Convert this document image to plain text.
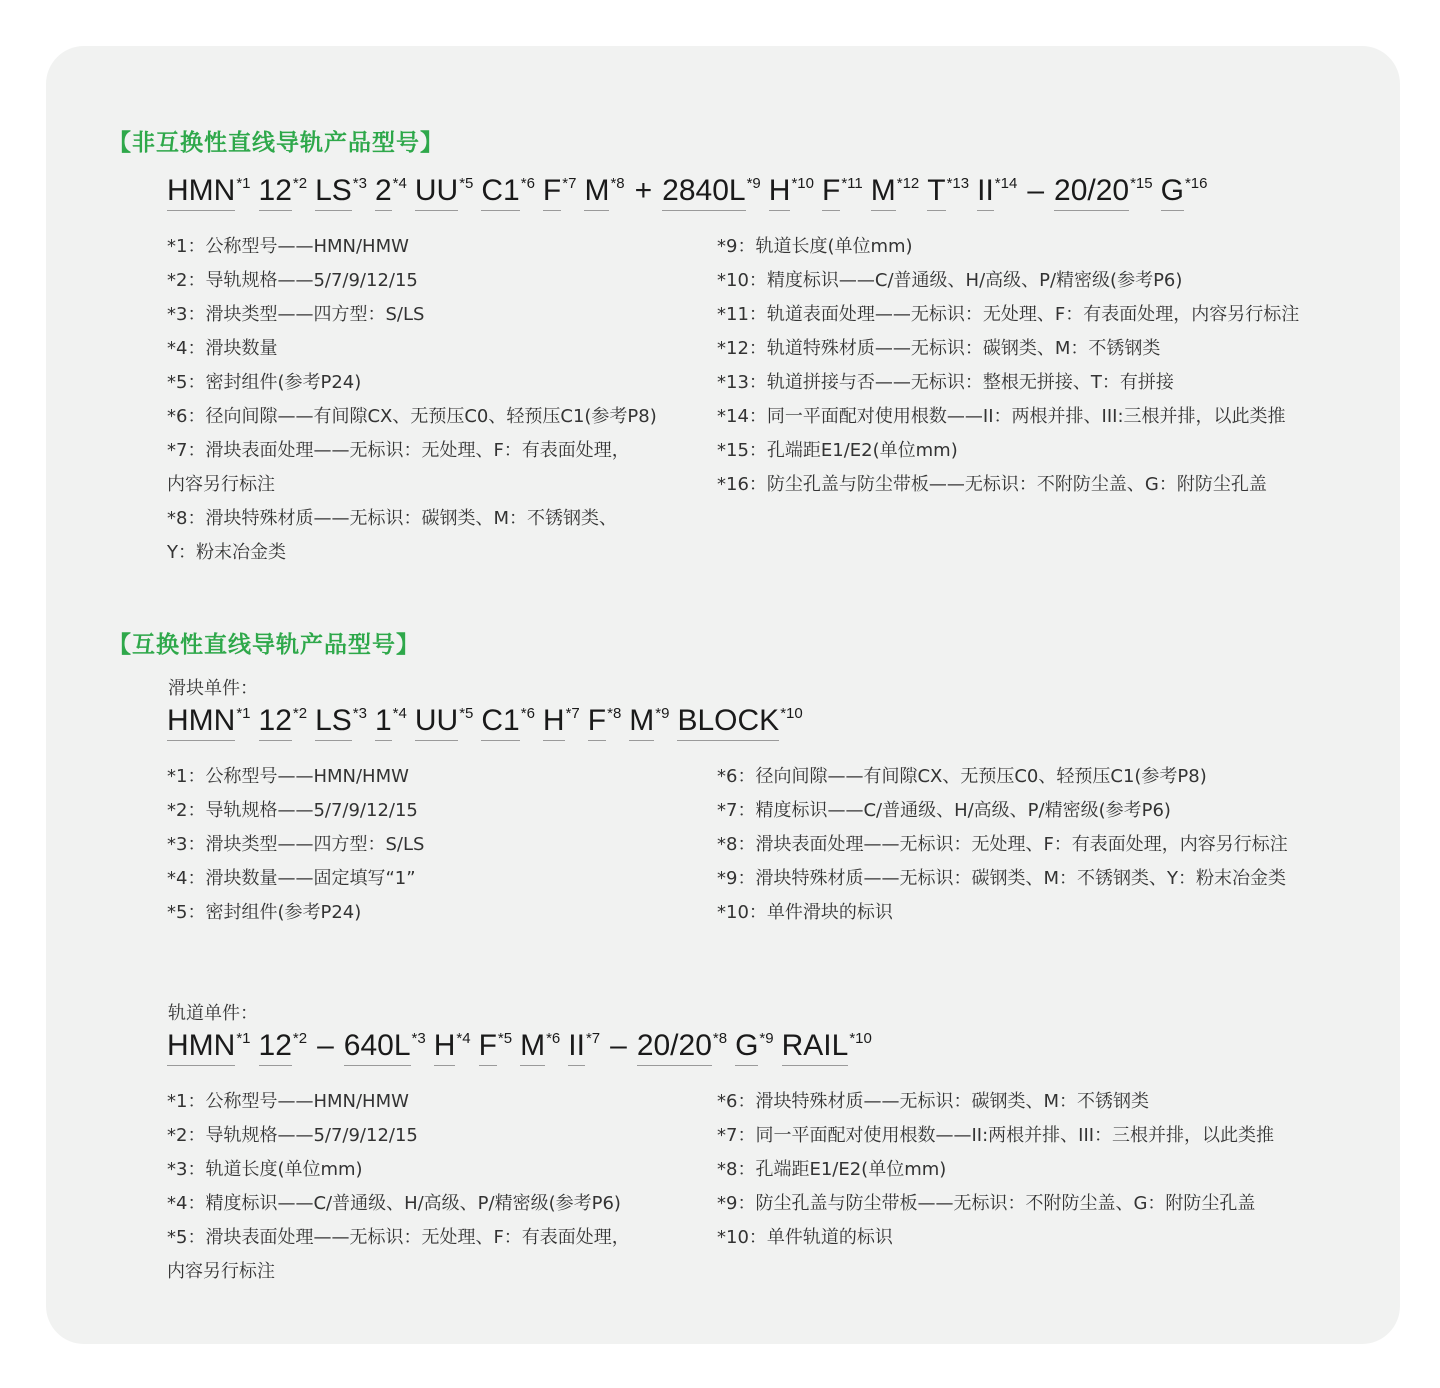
【非互换性直线导轨产品型号】
HMN *1 12 *2 LS *3 2 *4 UU *5 C1 *6 F *7 M *8 + 2840L *9 H *10 F *11 M *12 T *13 II *14 – 20/20 *15 G *16
*1：公称型号——HMN/HMW
*2：导轨规格——5/7/9/12/15
*3：滑块类型——四方型：S/LS
*4：滑块数量
*5：密封组件(参考P24)
*6：径向间隙——有间隙CX、无预压C0、轻预压C1(参考P8)
*7：滑块表面处理——无标识：无处理、F：有表面处理，
内容另行标注
*8：滑块特殊材质——无标识：碳钢类、M：不锈钢类、
Y：粉末冶金类
*9：轨道长度(单位mm)
*10：精度标识——C/普通级、H/高级、P/精密级(参考P6)
*11：轨道表面处理——无标识：无处理、F：有表面处理，内容另行标注
*12：轨道特殊材质——无标识：碳钢类、M：不锈钢类
*13：轨道拼接与否——无标识：整根无拼接、T：有拼接
*14：同一平面配对使用根数——II：两根并排、III:三根并排，以此类推
*15：孔端距E1/E2(单位mm)
*16：防尘孔盖与防尘带板——无标识：不附防尘盖、G：附防尘孔盖
【互换性直线导轨产品型号】
滑块单件：
HMN *1 12 *2 LS *3 1 *4 UU *5 C1 *6 H *7 F *8 M *9 BLOCK *10
*1：公称型号——HMN/HMW
*2：导轨规格——5/7/9/12/15
*3：滑块类型——四方型：S/LS
*4：滑块数量——固定填写“1”
*5：密封组件(参考P24)
*6：径向间隙——有间隙CX、无预压C0、轻预压C1(参考P8)
*7：精度标识——C/普通级、H/高级、P/精密级(参考P6)
*8：滑块表面处理——无标识：无处理、F：有表面处理，内容另行标注
*9：滑块特殊材质——无标识：碳钢类、M：不锈钢类、Y：粉末冶金类
*10：单件滑块的标识
轨道单件：
HMN *1 12 *2 – 640L *3 H *4 F *5 M *6 II *7 – 20/20 *8 G *9 RAIL *10
*1：公称型号——HMN/HMW
*2：导轨规格——5/7/9/12/15
*3：轨道长度(单位mm)
*4：精度标识——C/普通级、H/高级、P/精密级(参考P6)
*5：滑块表面处理——无标识：无处理、F：有表面处理，
内容另行标注
*6：滑块特殊材质——无标识：碳钢类、M：不锈钢类
*7：同一平面配对使用根数——II:两根并排、III：三根并排，以此类推
*8：孔端距E1/E2(单位mm)
*9：防尘孔盖与防尘带板——无标识：不附防尘盖、G：附防尘孔盖
*10：单件轨道的标识
